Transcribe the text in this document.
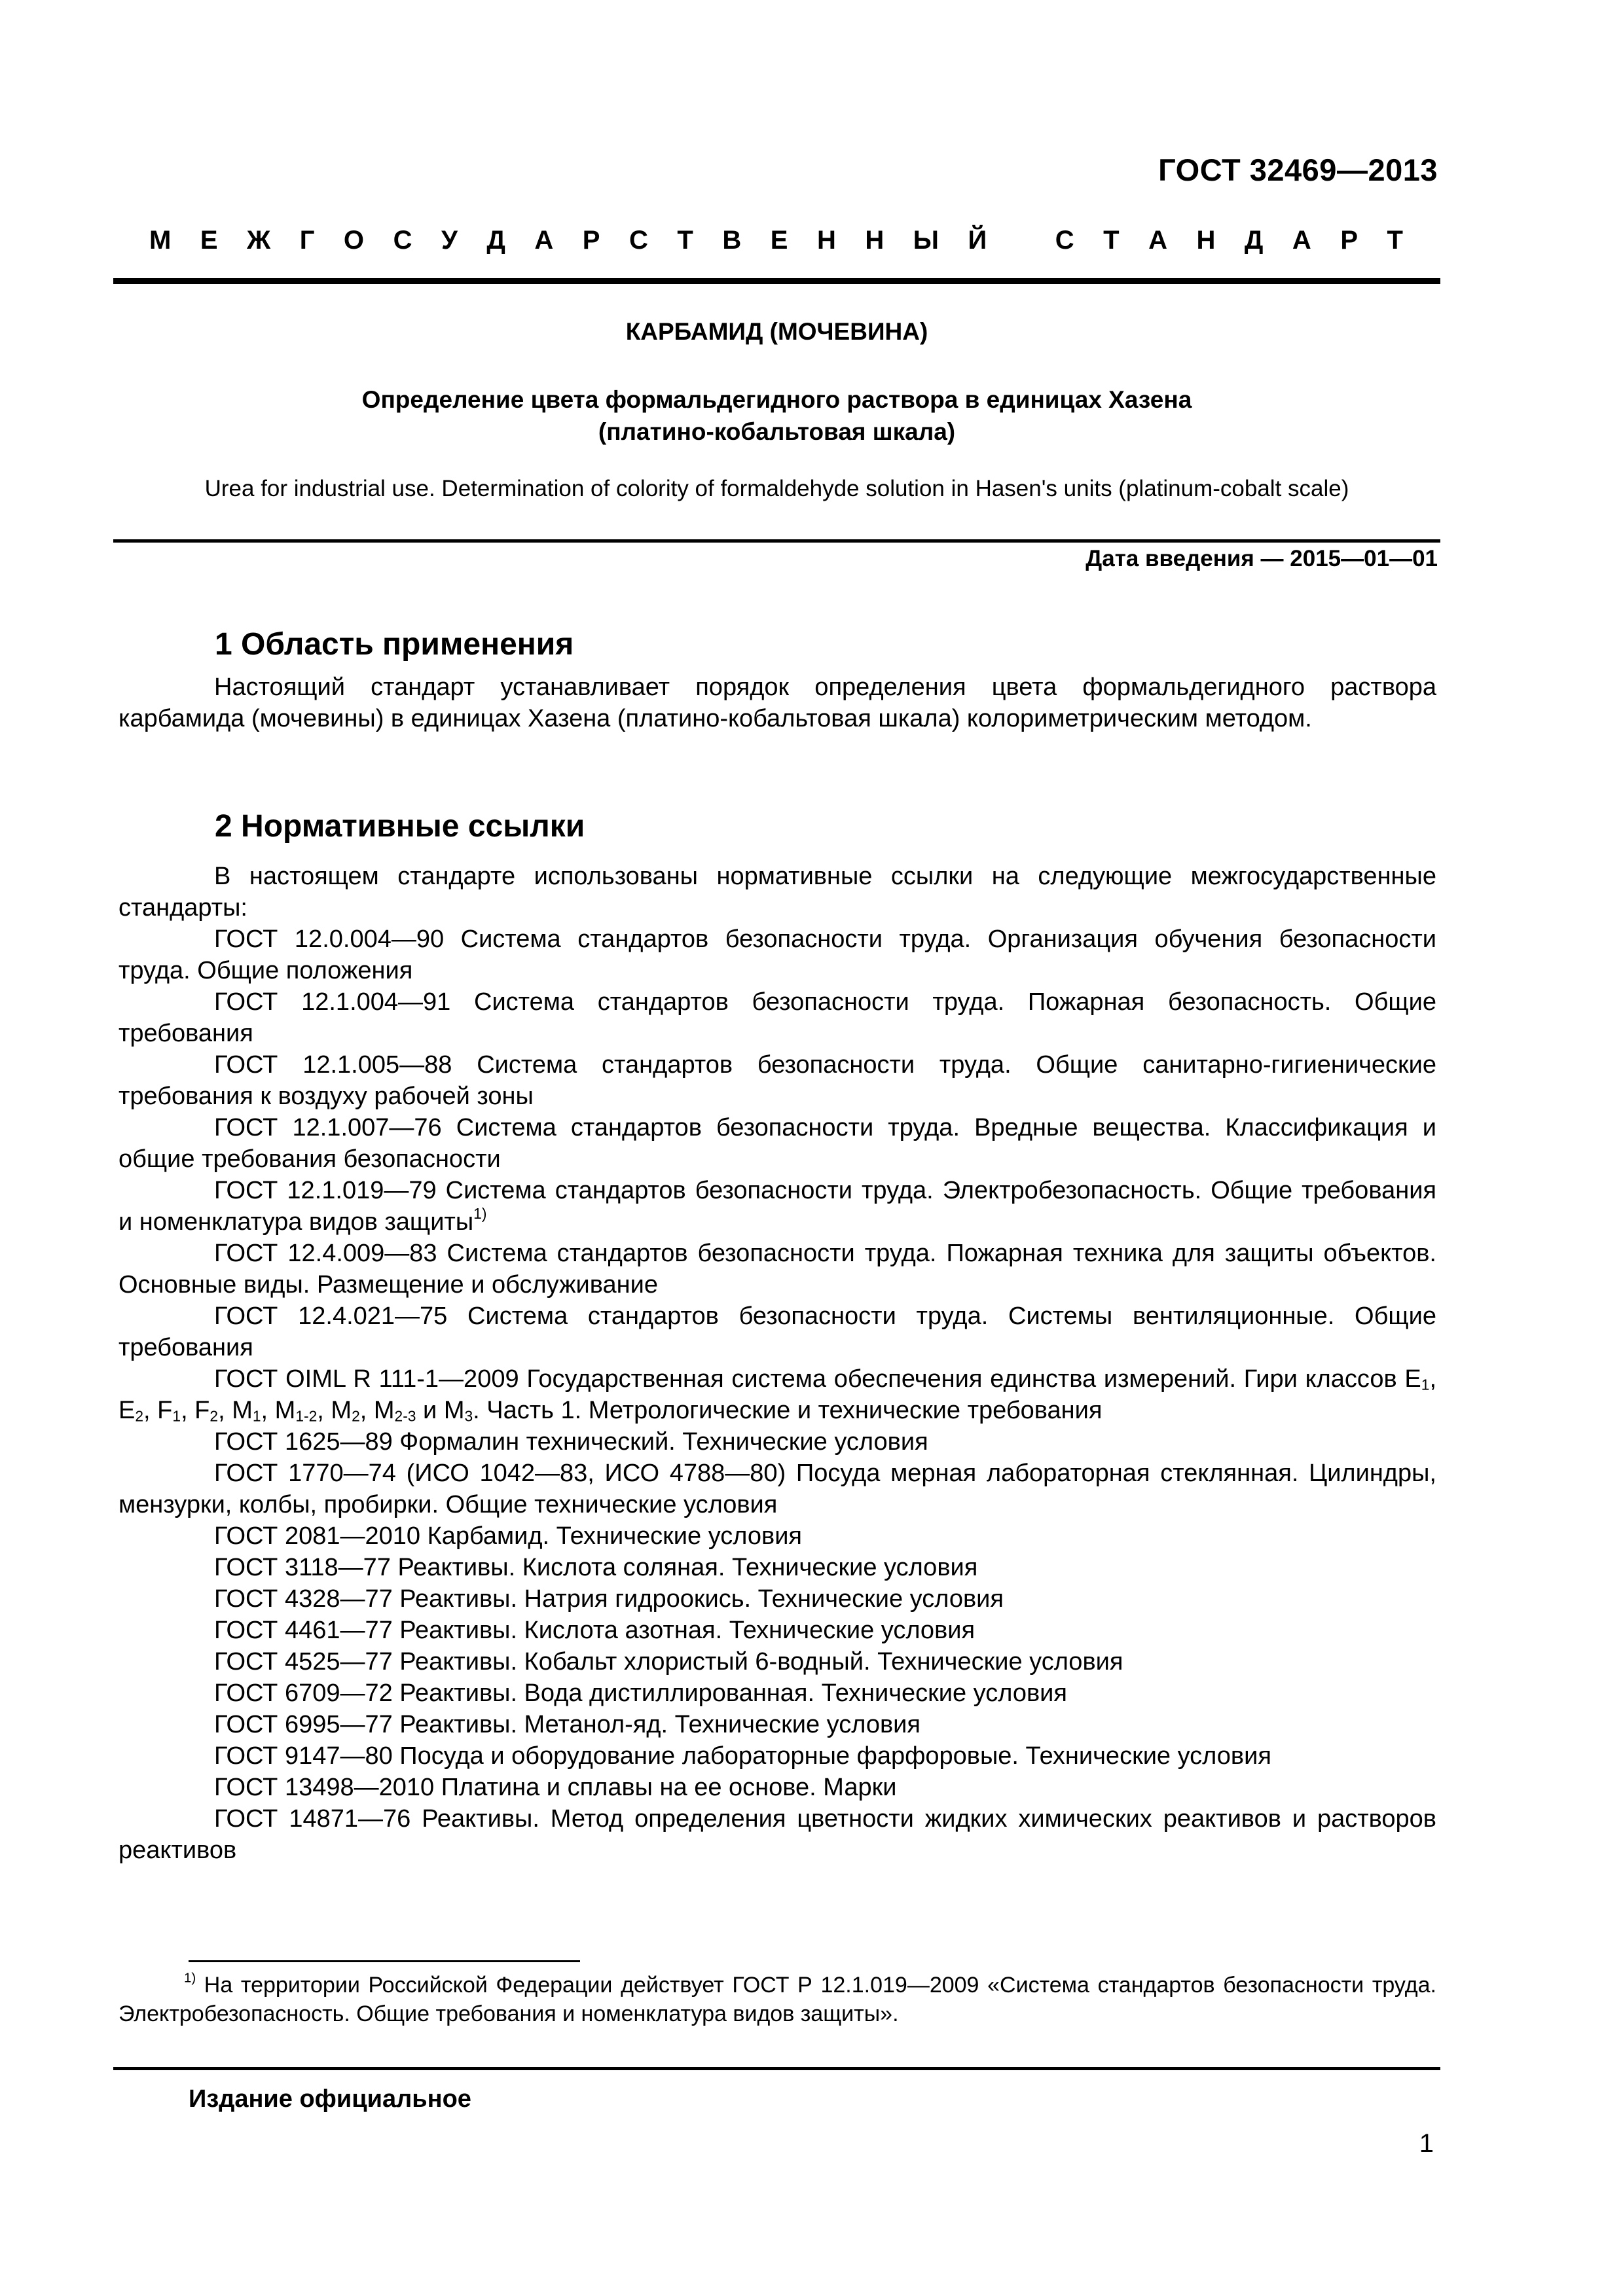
ГОСТ 32469—2013
М Е Ж Г О С У Д А Р С Т В Е Н Н Ы Й	С Т А Н Д А Р Т
КАРБАМИД (МОЧЕВИНА)
Определение цвета формальдегидного раствора в единицах Хазена
(платино-кобальтовая шкала)
Urea for industrial use. Determination of colority of formaldehyde solution in Hasen's units (platinum-cobalt scale)
Дата введения — 2015—01—01
1 Область применения
Настоящий стандарт устанавливает порядок определения цвета формальдегидного раствора карбамида (мочевины) в единицах Хазена (платино-кобальтовая шкала) колориметрическим методом.
2 Нормативные ссылки

В настоящем стандарте использованы нормативные ссылки на следующие межгосударственные стандарты:

ГОСТ 12.0.004—90 Система стандартов безопасности труда. Организация обучения безопасности труда. Общие положения

ГОСТ 12.1.004—91 Система стандартов безопасности труда. Пожарная безопасность. Общие требования

ГОСТ 12.1.005—88 Система стандартов безопасности труда. Общие санитарно-гигиенические требования к воздуху рабочей зоны

ГОСТ 12.1.007—76 Система стандартов безопасности труда. Вредные вещества. Классификация и общие требования безопасности

ГОСТ 12.1.019—79 Система стандартов безопасности труда. Электробезопасность. Общие требования и номенклатура видов защиты$^{1)}$

ГОСТ 12.4.009—83 Система стандартов безопасности труда. Пожарная техника для защиты объектов. Основные виды. Размещение и обслуживание

ГОСТ 12.4.021—75 Система стандартов безопасности труда. Системы вентиляционные. Общие требования

ГОСТ OIML R 111-1—2009 Государственная система обеспечения единства измерений. Гири классов $E_1$, $E_2$, $F_1$, $F_2$, $M_1$, $M_{1-2}$, $M_2$, $M_{2-3}$ и $M_3$. Часть 1. Метрологические и технические требования

ГОСТ 1625—89 Формалин технический. Технические условия

ГОСТ 1770—74 (ИСО 1042—83, ИСО 4788—80) Посуда мерная лабораторная стеклянная. Цилиндры, мензурки, колбы, пробирки. Общие технические условия

ГОСТ 2081—2010 Карбамид. Технические условия

ГОСТ 3118—77 Реактивы. Кислота соляная. Технические условия

ГОСТ 4328—77 Реактивы. Натрия гидроокись. Технические условия

ГОСТ 4461—77 Реактивы. Кислота азотная. Технические условия

ГОСТ 4525—77 Реактивы. Кобальт хлористый 6-водный. Технические условия

ГОСТ 6709—72 Реактивы. Вода дистиллированная. Технические условия

ГОСТ 6995—77 Реактивы. Метанол-яд. Технические условия

ГОСТ 9147—80 Посуда и оборудование лабораторные фарфоровые. Технические условия

ГОСТ 13498—2010 Платина и сплавы на ее основе. Марки

ГОСТ 14871—76 Реактивы. Метод определения цветности жидких химических реактивов и растворов реактивов

$^{1)}$ На территории Российской Федерации действует ГОСТ Р 12.1.019—2009 «Система стандартов безопасности труда. Электробезопасность. Общие требования и номенклатура видов защиты».
Издание официальное
1
